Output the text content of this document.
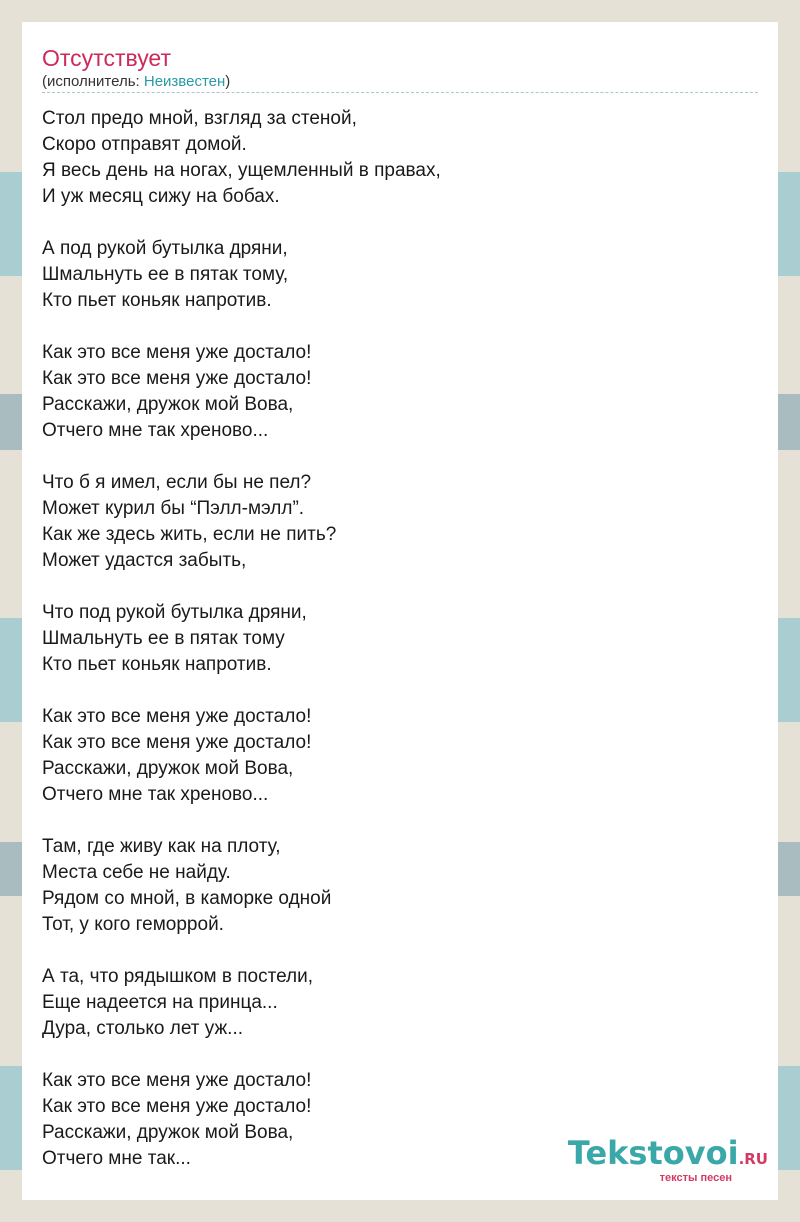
Отсутствует
(исполнитель: Неизвестен)
Стол предо мной, взгляд за стеной,
Скоро отправят домой.
Я весь день на ногах, ущемленный в правах,
И уж месяц сижу на бобах.
А под рукой бутылка дряни,
Шмальнуть ее в пятак тому,
Кто пьет коньяк напротив.
Как это все меня уже достало!
Как это все меня уже достало!
Расскажи, дружок мой Вова,
Отчего мне так хреново...
Что б я имел, если бы не пел?
Может курил бы “Пэлл-мэлл”.
Как же здесь жить, если не пить?
Может удастся забыть,
Что под рукой бутылка дряни,
Шмальнуть ее в пятак тому
Кто пьет коньяк напротив.
Как это все меня уже достало!
Как это все меня уже достало!
Расскажи, дружок мой Вова,
Отчего мне так хреново...
Там, где живу как на плоту,
Места себе не найду.
Рядом со мной, в каморке одной
Тот, у кого геморрой.
А та, что рядышком в постели,
Еще надеется на принца...
Дура, столько лет уж...
Как это все меня уже достало!
Как это все меня уже достало!
Расскажи, дружок мой Вова,
Отчего мне так...	Tekstovoi.RU
тексты песен
